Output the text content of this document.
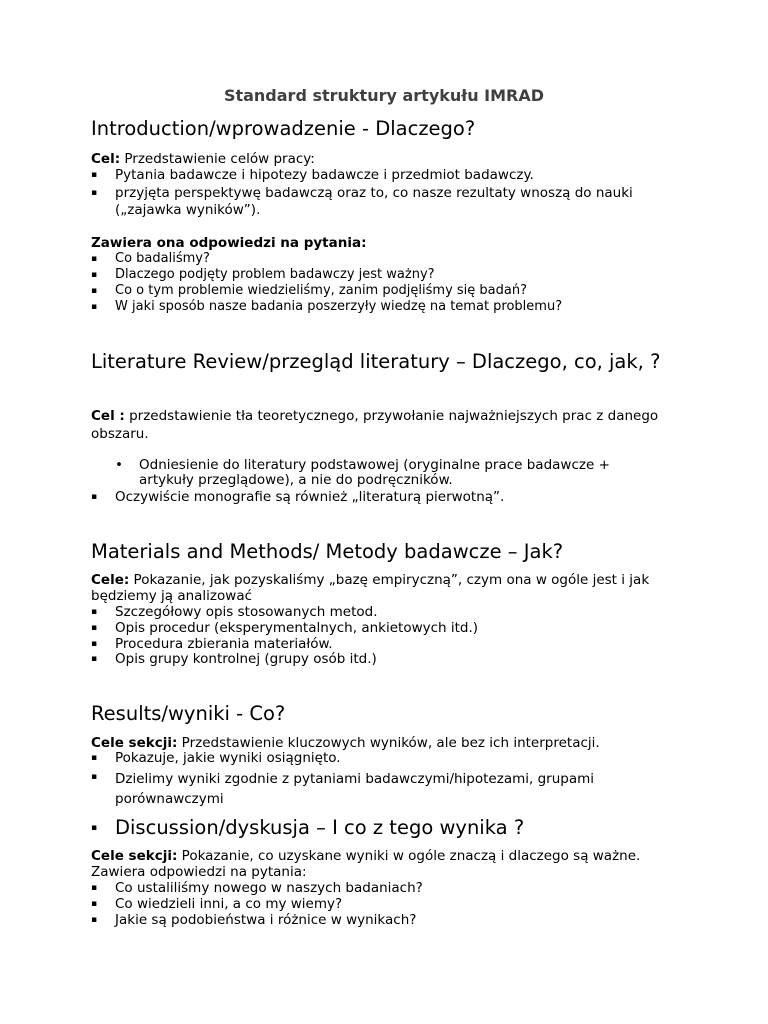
Standard struktury artykułu IMRAD
Introduction/wprowadzenie - Dlaczego?

Cel: Przedstawienie celów pracy:

▪	Pytania badawcze i hipotezy badawcze i przedmiot badawczy.
▪	przyjęta perspektywę badawczą oraz to, co nasze rezultaty wnoszą do nauki („zajawka wyników”).

Zawiera ona odpowiedzi na pytania:

▪	Co badaliśmy?
▪	Dlaczego podjęty problem badawczy jest ważny?
▪	Co o tym problemie wiedzieliśmy, zanim podjęliśmy się badań?
▪	W jaki sposób nasze badania poszerzyły wiedzę na temat problemu?
Literature Review/przegląd literatury – Dlaczego, co, jak, ?

Cel : przedstawienie tła teoretycznego, przywołanie najważniejszych prac z danego obszaru.

• Odniesienie do literatury podstawowej (oryginalne prace badawcze + artykuły przeglądowe), a nie do podręczników.
▪	Oczywiście monografie są również „literaturą pierwotną”.
Materials and Methods/ Metody badawcze – Jak?

Cele: Pokazanie, jak pozyskaliśmy „bazę empiryczną”, czym ona w ogóle jest i jak będziemy ją analizować

▪	Szczegółowy opis stosowanych metod.
▪	Opis procedur (eksperymentalnych, ankietowych itd.)
▪	Procedura zbierania materiałów.
▪	Opis grupy kontrolnej (grupy osób itd.)
Results/wyniki - Co?

Cele sekcji: Przedstawienie kluczowych wyników, ale bez ich interpretacji.

▪	Pokazuje, jakie wyniki osiągnięto.
▪	Dzielimy wyniki zgodnie z pytaniami badawczymi/hipotezami, grupami porównawczymi
▪ Discussion/dyskusja – I co z tego wynika ?

Cele sekcji: Pokazanie, co uzyskane wyniki w ogóle znaczą i dlaczego są ważne.

Zawiera odpowiedzi na pytania:

▪	Co ustaliliśmy nowego w naszych badaniach?
▪	Co wiedzieli inni, a co my wiemy?
▪	Jakie są podobieństwa i różnice w wynikach?
